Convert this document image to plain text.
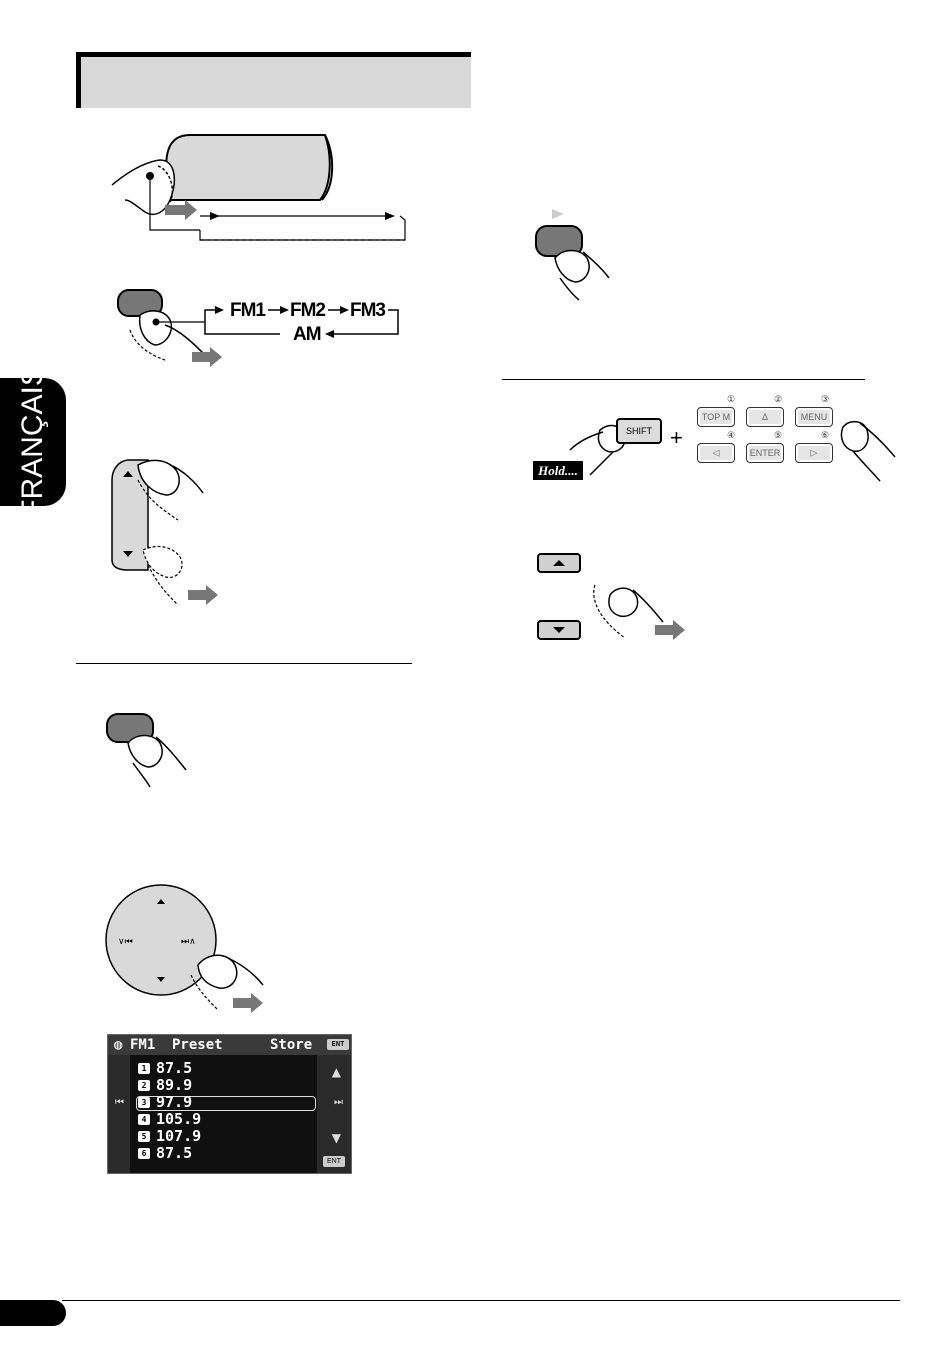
FRANÇAIS
FM1 FM2 FM3
AM
∨⏮	⏭∧
◍ FM1 Preset	Store	ENT
⏮
▲
⏭
▼
ENT
1 87.5
2 89.9
3 97.9
4 105.9
5 107.9
6 87.5
Hold....
SHIFT +
①	②	③
TOP M	Δ	MENU
④	⑤	⑥
◁	ENTER	▷
